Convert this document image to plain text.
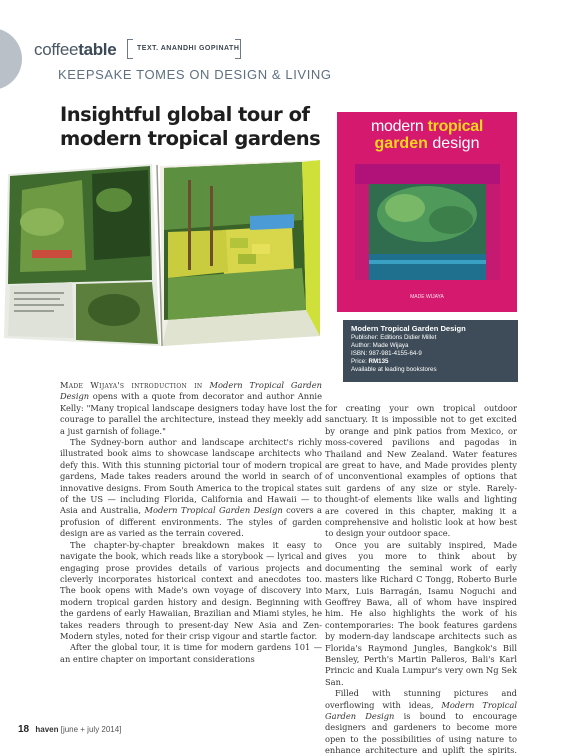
coffeetable	TEXT. ANANDHI GOPINATH
KEEPSAKE TOMES ON DESIGN & LIVING
Insightful global tour of modern tropical gardens
modern tropical
garden design
MADE WIJAYA
Modern Tropical Garden Design
Publisher: Editions Didier Millet
Author: Made Wijaya
ISBN: 987-981-4155-64-9
Price: RM135
Available at leading bookstores

Made Wijaya's introduction in Modern Tropical Garden Design opens with a quote from decorator and author Annie Kelly: "Many tropical landscape designers today have lost the courage to parallel the architecture, instead they meekly add a just garnish of foliage."

The Sydney-born author and landscape architect's richly illustrated book aims to showcase landscape architects who defy this. With this stunning pictorial tour of modern tropical gardens, Made takes readers around the world in search of innovative designs. From South America to the tropical states of the US — including Florida, California and Hawaii — to Asia and Australia, Modern Tropical Garden Design covers a profusion of different environments. The styles of garden design are as varied as the terrain covered.

The chapter-by-chapter breakdown makes it easy to navigate the book, which reads like a storybook — lyrical and engaging prose provides details of various projects and cleverly incorporates historical context and anecdotes too. The book opens with Made's own voyage of discovery into modern tropical garden history and design. Beginning with the gardens of early Hawaiian, Brazilian and Miami styles, he takes readers through to present-day New Asia and Zen-Modern styles, noted for their crisp vigour and startle factor.

After the global tour, it is time for modern gardens 101 — an entire chapter on important considerations

for creating your own tropical outdoor sanctuary. It is impossible not to get excited by orange and pink patios from Mexico, or moss-covered pavilions and pagodas in Thailand and New Zealand. Water features are great to have, and Made provides plenty of unconventional examples of options that suit gardens of any size or style. Rarely-thought-of elements like walls and lighting are covered in this chapter, making it a comprehensive and holistic look at how best to design your outdoor space.

Once you are suitably inspired, Made gives you more to think about by documenting the seminal work of early masters like Richard C Tongg, Roberto Burle Marx, Luis Barragán, Isamu Noguchi and Geoffrey Bawa, all of whom have inspired him. He also highlights the work of his contemporaries: The book features gardens by modern-day landscape architects such as Florida's Raymond Jungles, Bangkok's Bill Bensley, Perth's Martin Palleros, Bali's Karl Princic and Kuala Lumpur's very own Ng Sek San.

Filled with stunning pictures and overflowing with ideas, Modern Tropical Garden Design is bound to encourage designers and gardeners to become more open to the possibilities of using nature to enhance architecture and uplift the spirits.

18 haven [june + july 2014]
